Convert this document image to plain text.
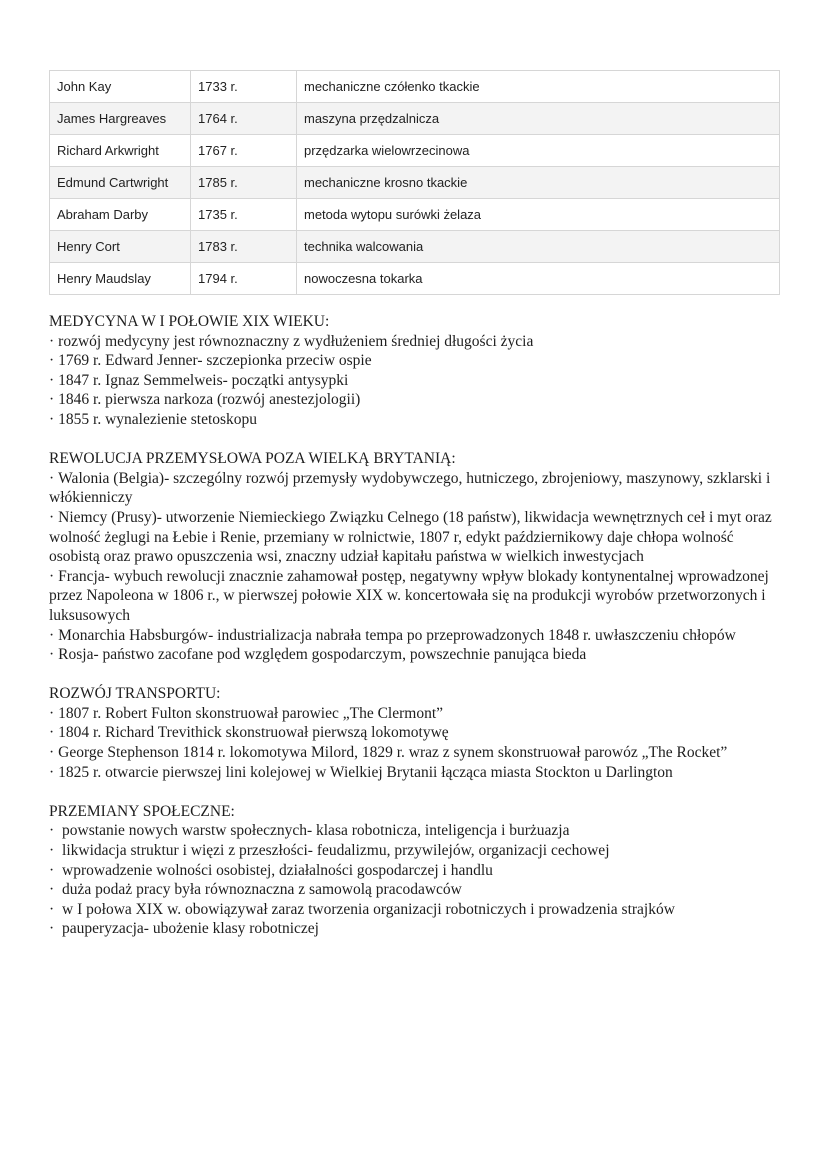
John Kay	1733 r.	mechaniczne czółenko tkackie
James Hargreaves	1764 r.	maszyna przędzalnicza
Richard Arkwright	1767 r.	przędzarka wielowrzecinowa
Edmund Cartwright	1785 r.	mechaniczne krosno tkackie
Abraham Darby	1735 r.	metoda wytopu surówki żelaza
Henry Cort	1783 r.	technika walcowania
Henry Maudslay	1794 r.	nowoczesna tokarka
MEDYCYNA W I POŁOWIE XIX WIEKU:
· rozwój medycyny jest równoznaczny z wydłużeniem średniej długości życia
· 1769 r. Edward Jenner- szczepionka przeciw ospie
· 1847 r. Ignaz Semmelweis- początki antysypki
· 1846 r. pierwsza narkoza (rozwój anestezjologii)
· 1855 r. wynalezienie stetoskopu
REWOLUCJA PRZEMYSŁOWA POZA WIELKĄ BRYTANIĄ:
· Walonia (Belgia)- szczególny rozwój przemysły wydobywczego, hutniczego, zbrojeniowy, maszynowy, szklarski i włókienniczy
· Niemcy (Prusy)- utworzenie Niemieckiego Związku Celnego (18 państw), likwidacja wewnętrznych ceł i myt oraz wolność żeglugi na Łebie i Renie, przemiany w rolnictwie, 1807 r, edykt październikowy daje chłopa wolność osobistą oraz prawo opuszczenia wsi, znaczny udział kapitału państwa w wielkich inwestycjach
· Francja- wybuch rewolucji znacznie zahamował postęp, negatywny wpływ blokady kontynentalnej wprowadzonej przez Napoleona w 1806 r., w pierwszej połowie XIX w. koncertowała się na produkcji wyrobów przetworzonych i luksusowych
· Monarchia Habsburgów- industrializacja nabrała tempa po przeprowadzonych 1848 r. uwłaszczeniu chłopów
· Rosja- państwo zacofane pod względem gospodarczym, powszechnie panująca bieda
ROZWÓJ TRANSPORTU:
· 1807 r. Robert Fulton skonstruował parowiec „The Clermont”
· 1804 r. Richard Trevithick skonstruował pierwszą lokomotywę
· George Stephenson 1814 r. lokomotywa Milord, 1829 r. wraz z synem skonstruował parowóz „The Rocket”
· 1825 r. otwarcie pierwszej lini kolejowej w Wielkiej Brytanii łącząca miasta Stockton u Darlington
PRZEMIANY SPOŁECZNE:
· powstanie nowych warstw społecznych- klasa robotnicza, inteligencja i burżuazja
· likwidacja struktur i więzi z przeszłości- feudalizmu, przywilejów, organizacji cechowej
· wprowadzenie wolności osobistej, działalności gospodarczej i handlu
· duża podaż pracy była równoznaczna z samowolą pracodawców
· w I połowa XIX w. obowiązywał zaraz tworzenia organizacji robotniczych i prowadzenia strajków
· pauperyzacja- ubożenie klasy robotniczej
